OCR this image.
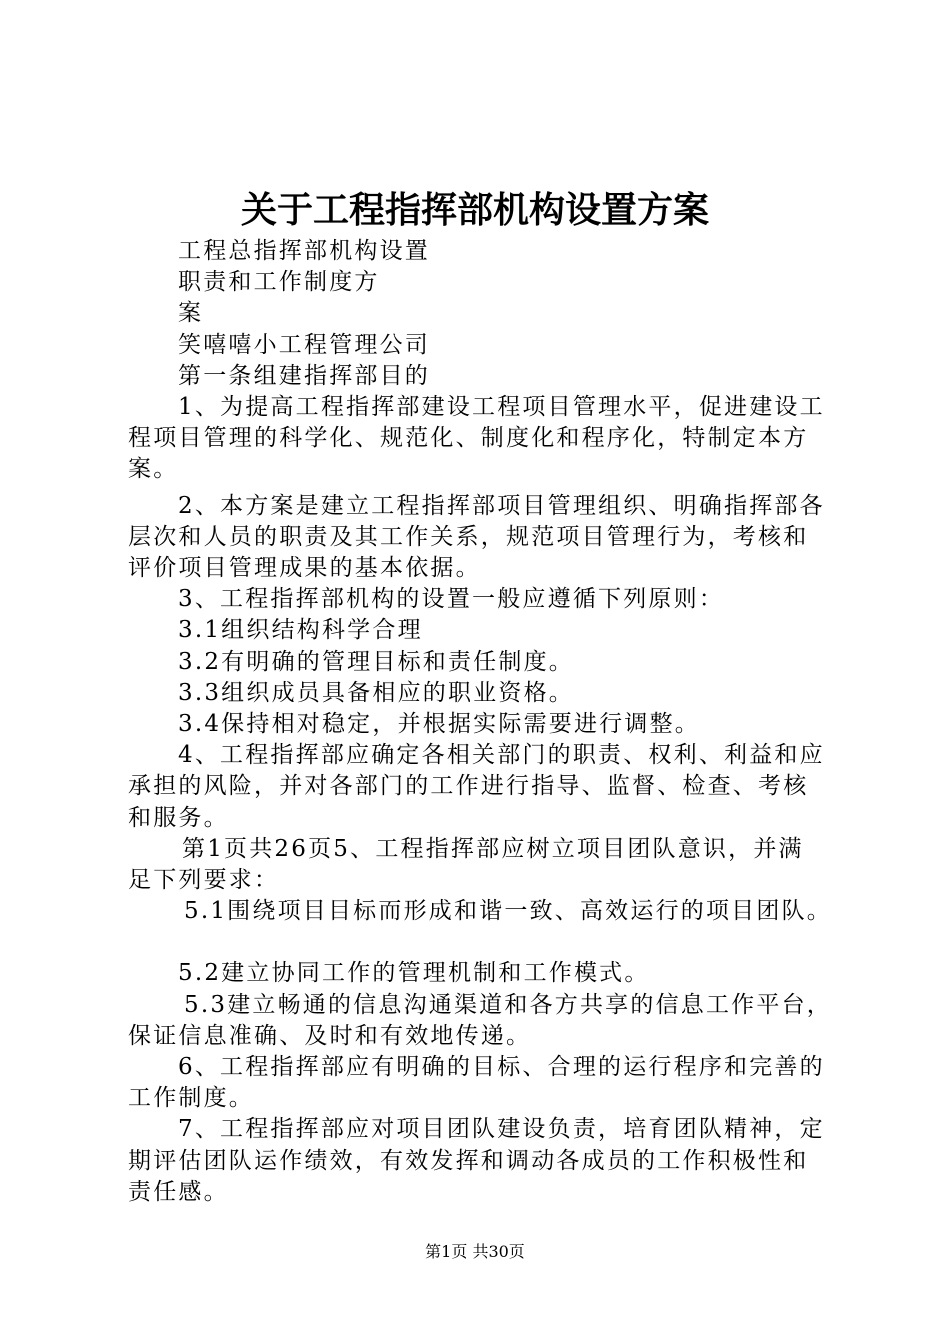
关于工程指挥部机构设置方案

工程总指挥部机构设置

职责和工作制度方

案

笑嘻嘻小工程管理公司

第一条组建指挥部目的

1、为提高工程指挥部建设工程项目管理水平，促进建设工

程项目管理的科学化、规范化、制度化和程序化，特制定本方

案。

2、本方案是建立工程指挥部项目管理组织、明确指挥部各

层次和人员的职责及其工作关系，规范项目管理行为，考核和

评价项目管理成果的基本依据。

3、工程指挥部机构的设置一般应遵循下列原则：

3.1组织结构科学合理

3.2有明确的管理目标和责任制度。

3.3组织成员具备相应的职业资格。

3.4保持相对稳定，并根据实际需要进行调整。

4、工程指挥部应确定各相关部门的职责、权利、利益和应

承担的风险，并对各部门的工作进行指导、监督、检查、考核

和服务。

第1页共26页5、工程指挥部应树立项目团队意识，并满

足下列要求：

5.1围绕项目目标而形成和谐一致、高效运行的项目团队。

5.2建立协同工作的管理机制和工作模式。

5.3建立畅通的信息沟通渠道和各方共享的信息工作平台，

保证信息准确、及时和有效地传递。

6、工程指挥部应有明确的目标、合理的运行程序和完善的

工作制度。

7、工程指挥部应对项目团队建设负责，培育团队精神，定

期评估团队运作绩效，有效发挥和调动各成员的工作积极性和

责任感。

第1页 共30页
